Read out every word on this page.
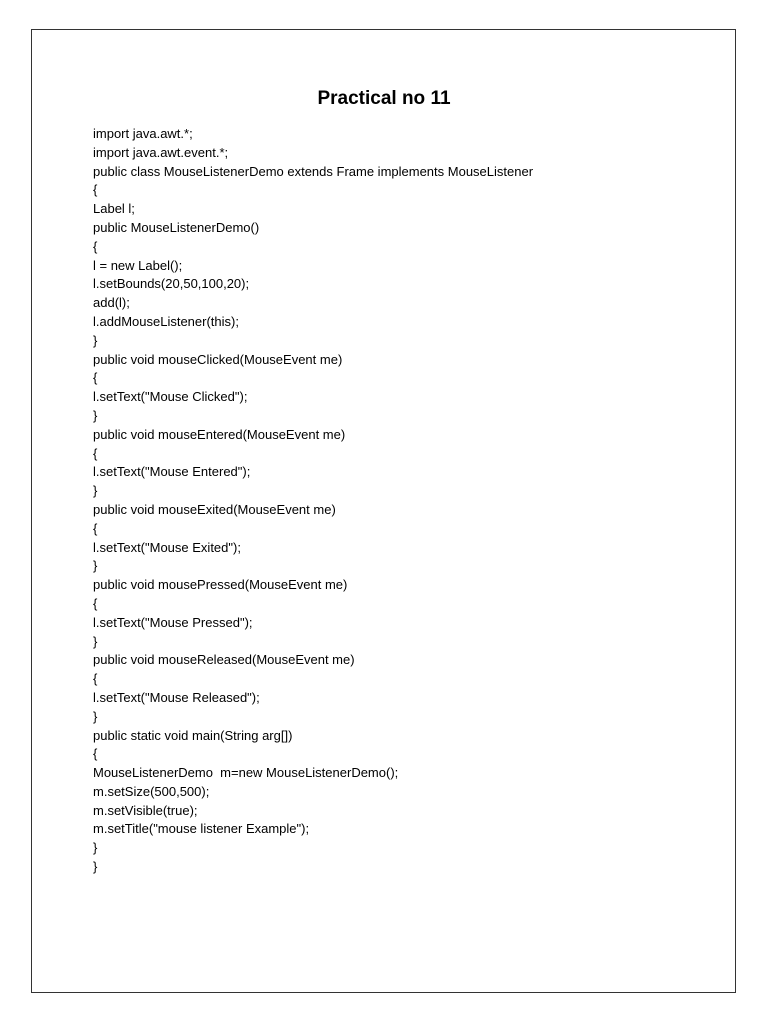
Practical no 11
import java.awt.*;
import java.awt.event.*;
public class MouseListenerDemo extends Frame implements MouseListener
{
Label l;
public MouseListenerDemo()
{
l = new Label();
l.setBounds(20,50,100,20);
add(l);
l.addMouseListener(this);
}
public void mouseClicked(MouseEvent me)
{
l.setText("Mouse Clicked");
}
public void mouseEntered(MouseEvent me)
{
l.setText("Mouse Entered");
}
public void mouseExited(MouseEvent me)
{
l.setText("Mouse Exited");
}
public void mousePressed(MouseEvent me)
{
l.setText("Mouse Pressed");
}
public void mouseReleased(MouseEvent me)
{
l.setText("Mouse Released");
}
public static void main(String arg[])
{
MouseListenerDemo  m=new MouseListenerDemo();
m.setSize(500,500);
m.setVisible(true);
m.setTitle("mouse listener Example");
}
}
